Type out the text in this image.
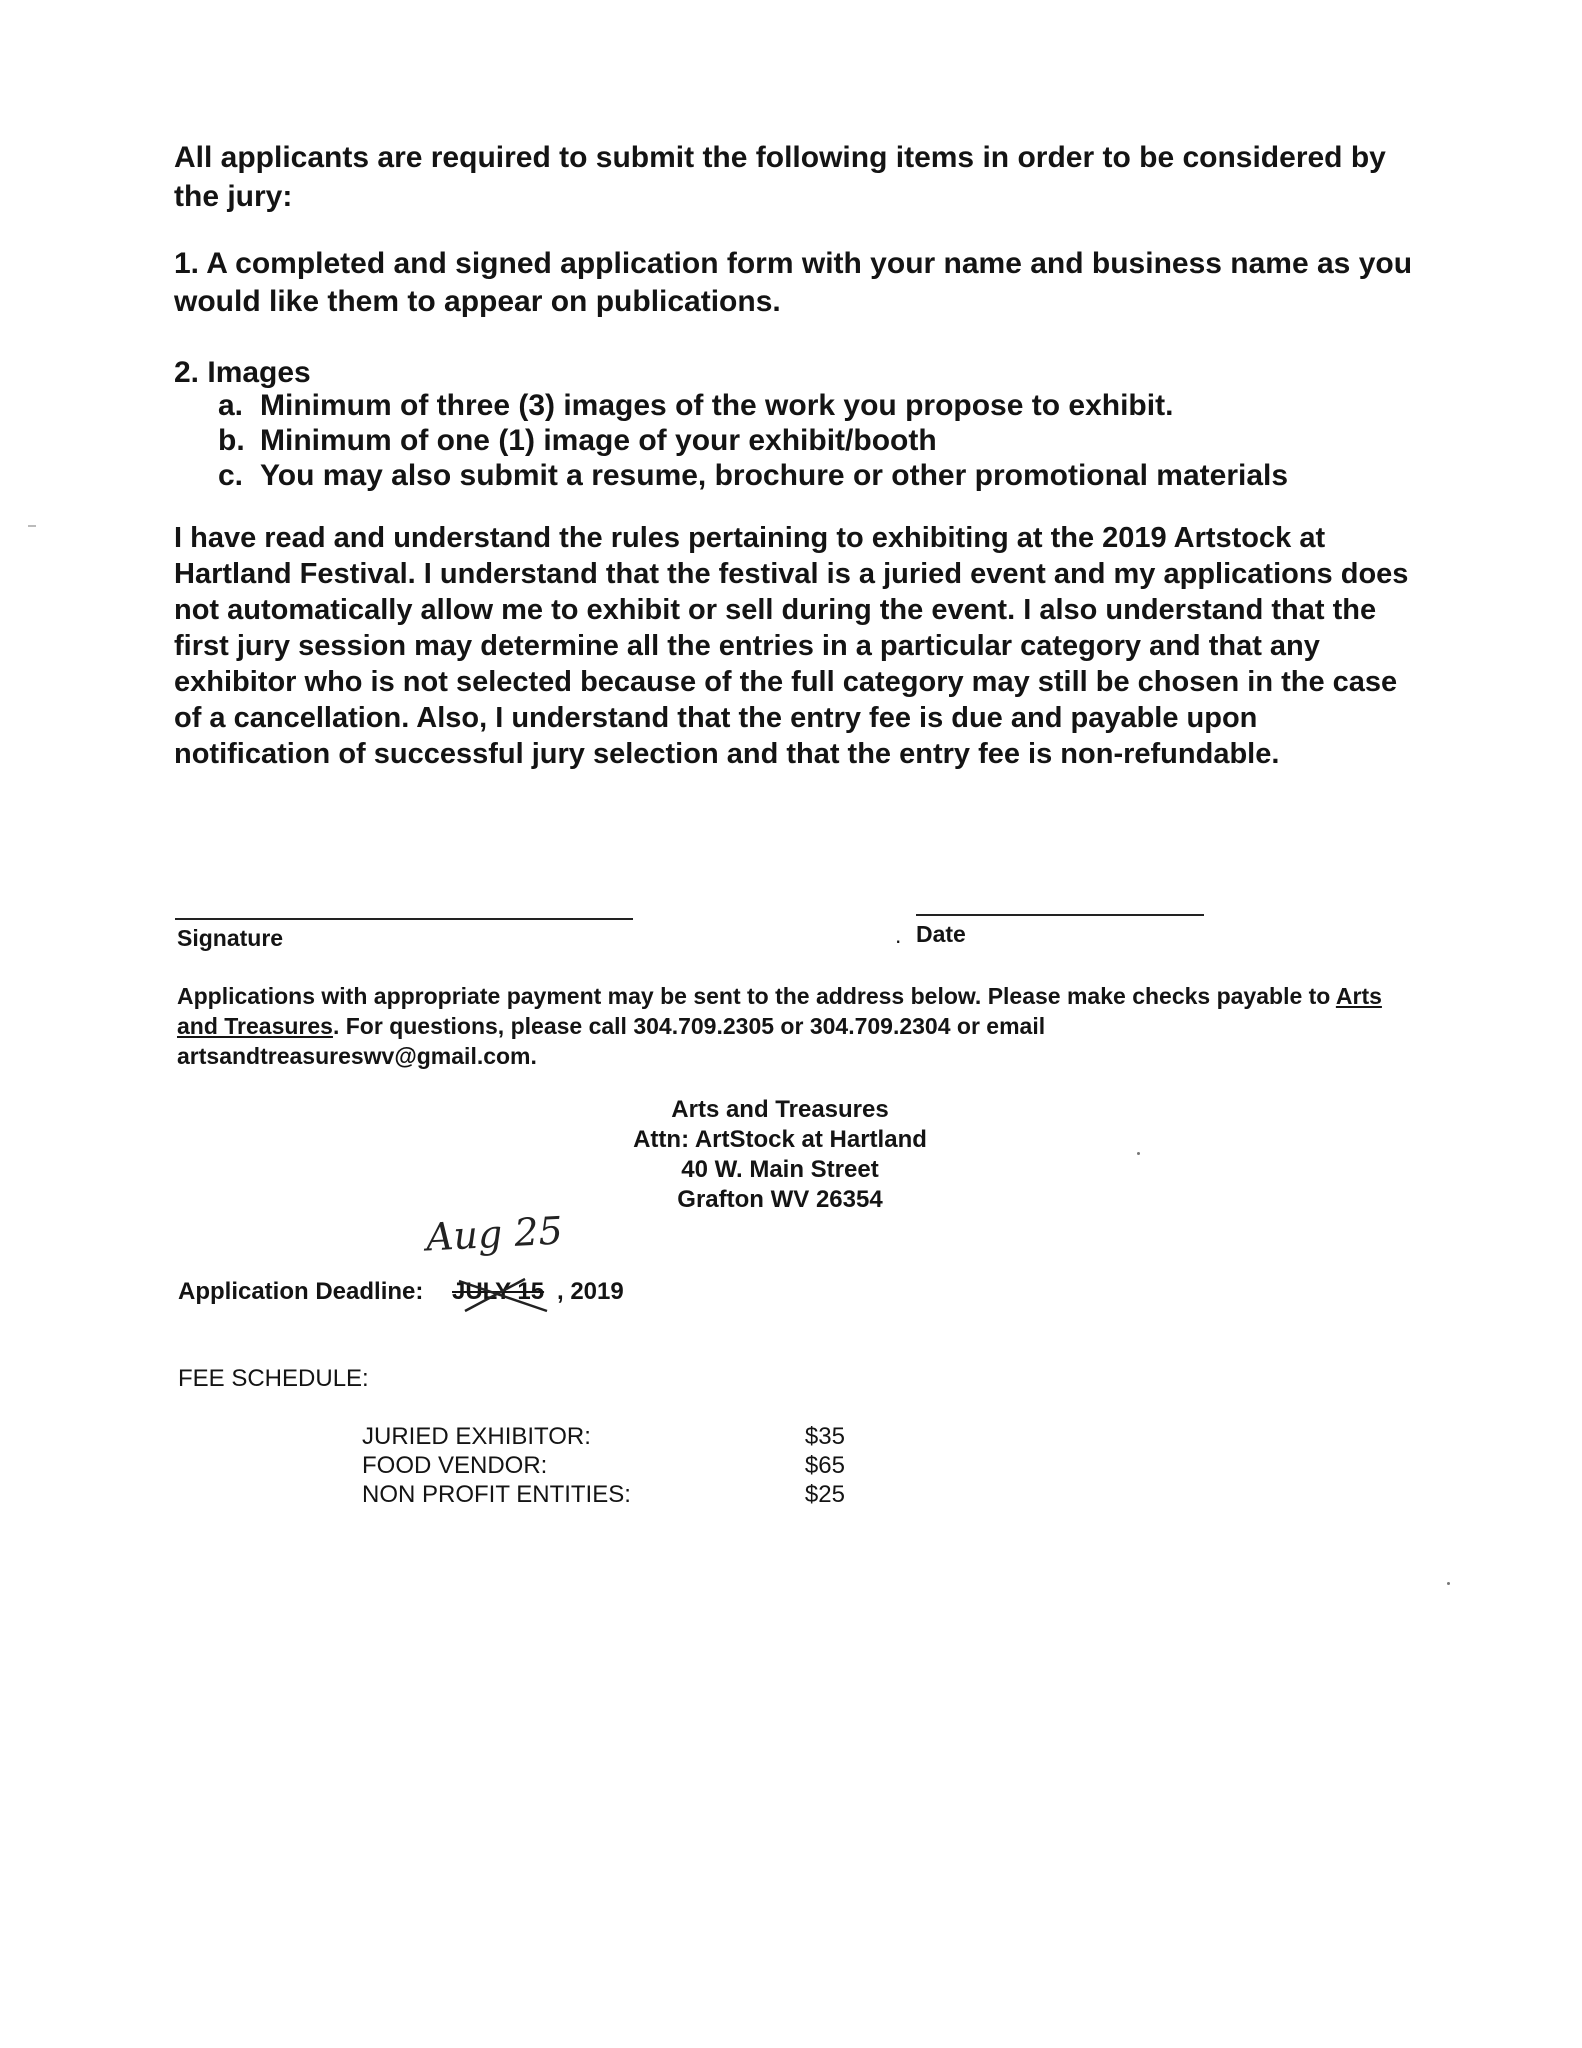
All applicants are required to submit the following items in order to be considered by the jury:

1. A completed and signed application form with your name and business name as you would like them to appear on publications.

2. Images

a. Minimum of three (3) images of the work you propose to exhibit.
b. Minimum of one (1) image of your exhibit/booth
c. You may also submit a resume, brochure or other promotional materials

I have read and understand the rules pertaining to exhibiting at the 2019 Artstock at Hartland Festival. I understand that the festival is a juried event and my applications does not automatically allow me to exhibit or sell during the event. I also understand that the first jury session may determine all the entries in a particular category and that any exhibitor who is not selected because of the full category may still be chosen in the case of a cancellation. Also, I understand that the entry fee is due and payable upon notification of successful jury selection and that the entry fee is non-refundable.

Signature	. Date

Applications with appropriate payment may be sent to the address below. Please make checks payable to Arts and Treasures. For questions, please call 304.709.2305 or 304.709.2304 or email artsandtreasureswv@gmail.com.

Arts and Treasures
Attn: ArtStock at Hartland
40 W. Main Street
Grafton WV 26354
Aug 25
Application Deadline: JULY 15 , 2019
FEE SCHEDULE:
JURIED EXHIBITOR:	$35
FOOD VENDOR:	$65
NON PROFIT ENTITIES:	$25
